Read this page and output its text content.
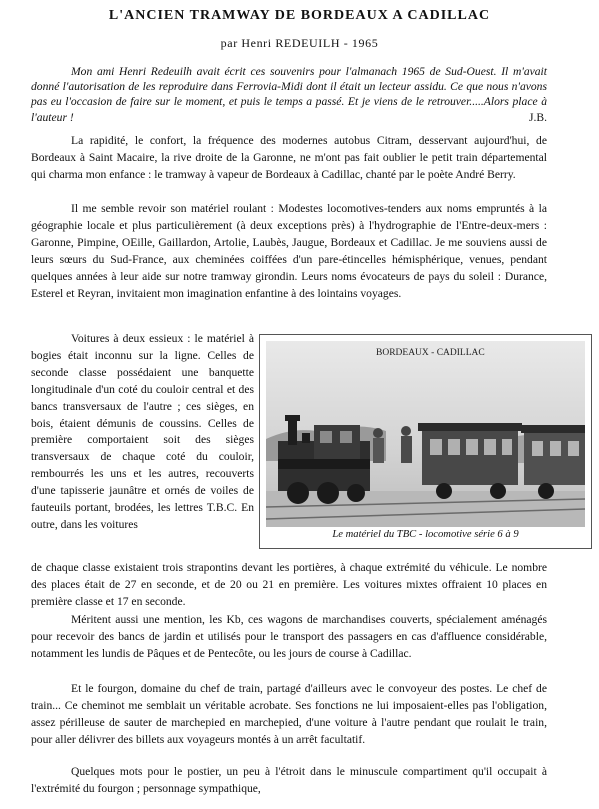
L'ANCIEN TRAMWAY DE BORDEAUX A CADILLAC
par Henri REDEUILH - 1965

Mon ami Henri Redeuilh avait écrit ces souvenirs pour l'almanach 1965 de Sud-Ouest. Il m'avait donné l'autorisation de les reproduire dans Ferrovia-Midi dont il était un lecteur assidu. Ce que nous n'avons pas eu l'occasion de faire sur le moment, et puis le temps a passé. Et je viens de le retrouver.....Alors place à l'auteur !	J.B.

La rapidité, le confort, la fréquence des modernes autobus Citram, desservant aujourd'hui, de Bordeaux à Saint Macaire, la rive droite de la Garonne, ne m'ont pas fait oublier le petit train départemental qui charma mon enfance : le tramway à vapeur de Bordeaux à Cadillac, chanté par le poète André Berry.

Il me semble revoir son matériel roulant : Modestes locomotives-tenders aux noms empruntés à la géographie locale et plus particulièrement (à deux exceptions près) à l'hydrographie de l'Entre-deux-mers : Garonne, Pimpine, OEille, Gaillardon, Artolie, Laubès, Jaugue, Bordeaux et Cadillac. Je me souviens aussi de leurs sœurs du Sud-France, aux cheminées coiffées d'un pare-étincelles hémisphérique, venues, pendant quelques années à leur aide sur notre tramway girondin. Leurs noms évocateurs de pays du soleil : Durance, Esterel et Reyran, invitaient mon imagination enfantine à des lointains voyages.

Voitures à deux essieux : le matériel à bogies était inconnu sur la ligne. Celles de seconde classe possédaient une banquette longitudinale d'un coté du couloir central et des bancs transversaux de l'autre ; ces sièges, en bois, étaient démunis de coussins. Celles de première comportaient soit des sièges transversaux de chaque coté du couloir, rembourrés les uns et les autres, recouverts d'une tapisserie jaunâtre et ornés de voiles de fauteuils portant, brodées, les lettres T.B.C. En outre, dans les voitures

BORDEAUX - CADILLAC
Le matériel du TBC - locomotive série 6 à 9

de chaque classe existaient trois strapontins devant les portières, à chaque extrémité du véhicule. Le nombre des places était de 27 en seconde, et de 20 ou 21 en première. Les voitures mixtes offraient 10 places en première classe et 17 en seconde.

Méritent aussi une mention, les Kb, ces wagons de marchandises couverts, spécialement aménagés pour recevoir des bancs de jardin et utilisés pour le transport des passagers en cas d'affluence considérable, notamment les lundis de Pâques et de Pentecôte, ou les jours de course à Cadillac.

Et le fourgon, domaine du chef de train, partagé d'ailleurs avec le convoyeur des postes. Le chef de train... Ce cheminot me semblait un véritable acrobate. Ses fonctions ne lui imposaient-elles pas l'obligation, assez périlleuse de sauter de marchepied en marchepied, d'une voiture à l'autre pendant que roulait le train, pour aller délivrer des billets aux voyageurs montés à un arrêt facultatif.

Quelques mots pour le postier, un peu à l'étroit dans le minuscule compartiment qu'il occupait à l'extrémité du fourgon ; personnage sympathique,
